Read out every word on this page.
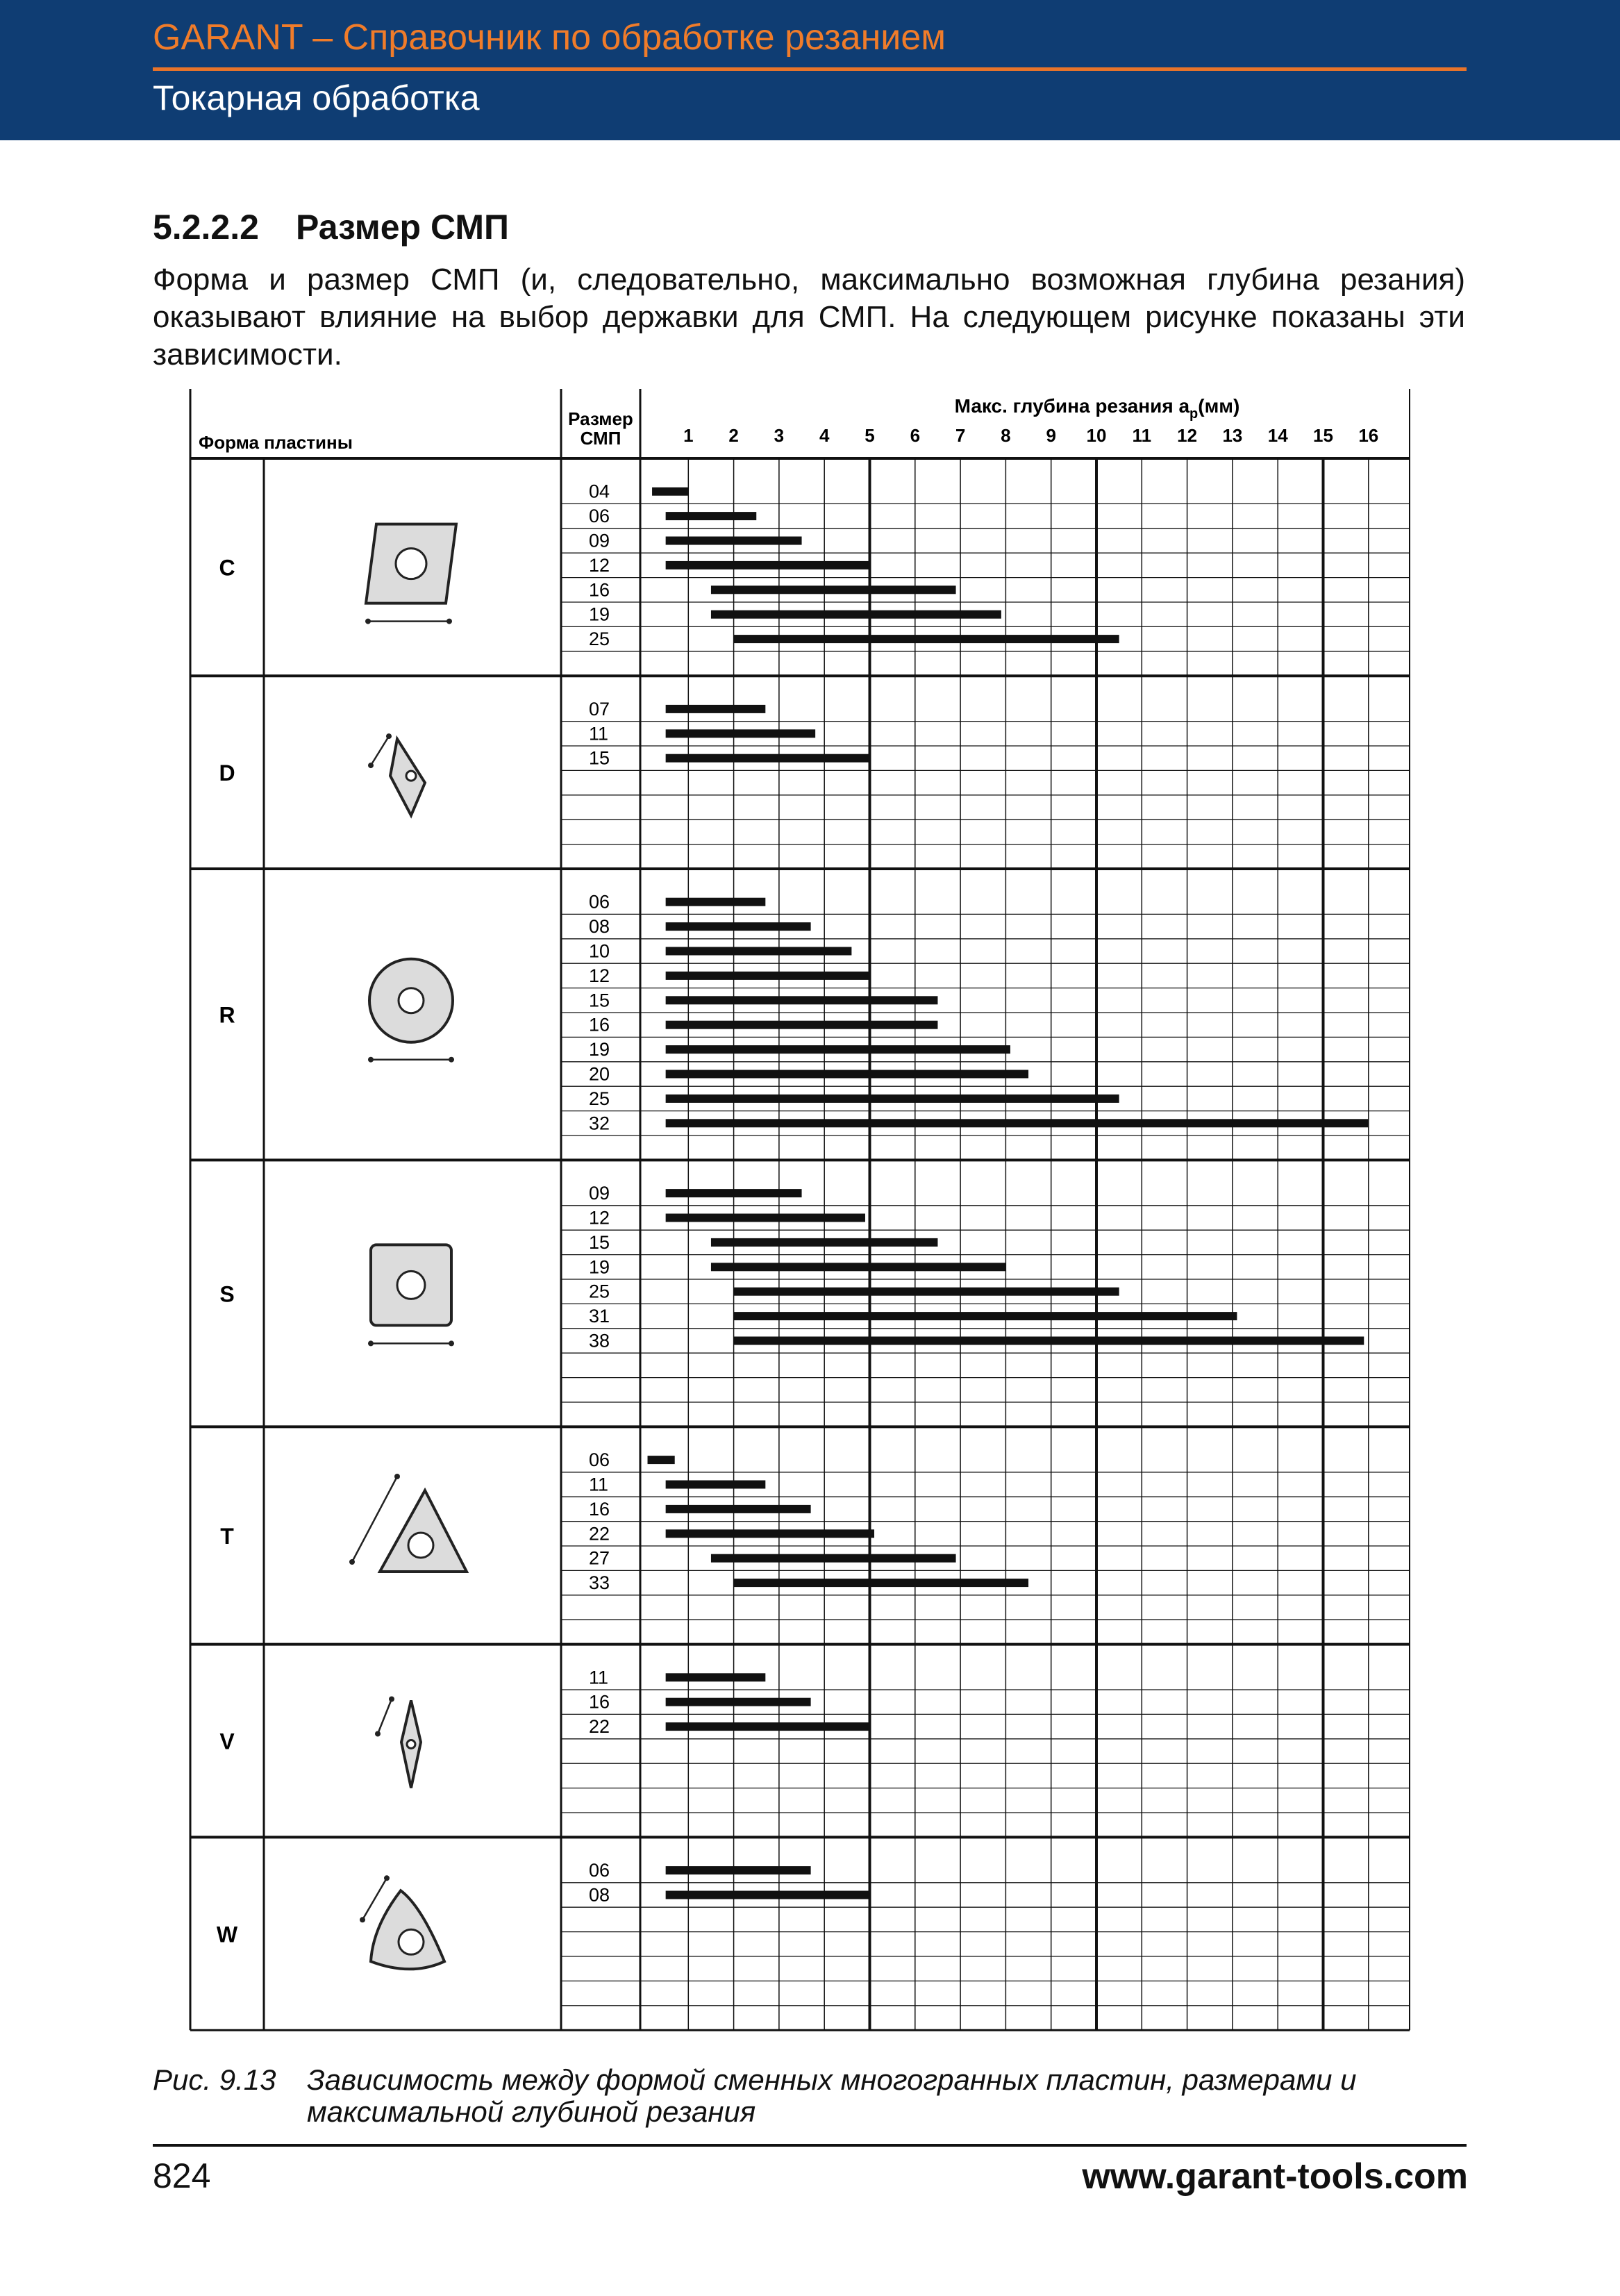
GARANT – Справочник по обработке резанием
Токарная обработка
5.2.2.2 Размер СМП
Форма и размер СМП (и, следовательно, максимально возможная глубина резания) оказывают влияние на выбор державки для СМП. На следующем рисунке показаны эти зависимости.
Форма пластины
Размер
СМП
Макс. глубина резания $a_p(мм)$
1 2 3 4 5 6 7 8 9 10 11 12 13 14 15 16
C
04
06
09
12
16
19
25
D
07
11
15
R
06
08
10
12
15
16
19
20
25
32
S
09
12
15
19
25
31
38
T
06
11
16
22
27
33
V
11
16
22
W
06
08
Рис. 9.13 Зависимость между формой сменных многогранных пластин, размерами и максимальной глубиной резания
824	www.garant-tools.com
